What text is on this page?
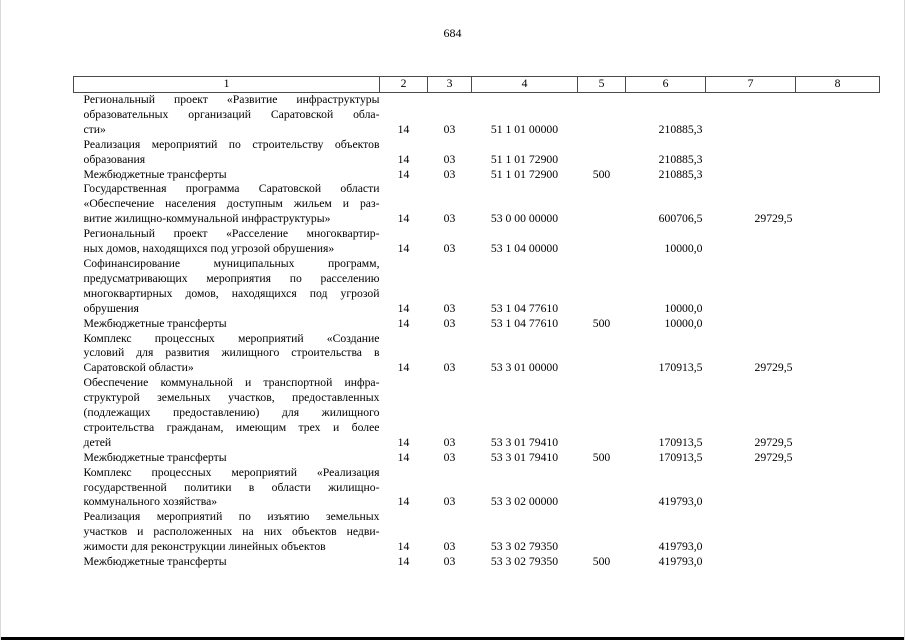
684
1	2	3	4	5	6	7	8

Региональный проект «Развитие инфраструктуры
образовательных организаций Саратовской обла-
сти»	14	03	51 1 01 00000		210885,3		

Реализация мероприятий по строительству объектов
образования	14	03	51 1 01 72900		210885,3		

Межбюджетные трансферты	14	03	51 1 01 72900	500	210885,3		

Государственная программа Саратовской области
«Обеспечение населения доступным жильем и раз-
витие жилищно-коммунальной инфраструктуры»	14	03	53 0 00 00000		600706,5	29729,5	

Региональный проект «Расселение многоквартир-
ных домов, находящихся под угрозой обрушения»	14	03	53 1 04 00000		10000,0		

Софинансирование муниципальных программ,
предусматривающих мероприятия по расселению
многоквартирных домов, находящихся под угрозой
обрушения	14	03	53 1 04 77610		10000,0		

Межбюджетные трансферты	14	03	53 1 04 77610	500	10000,0		

Комплекс процессных мероприятий «Создание
условий для развития жилищного строительства в
Саратовской области»	14	03	53 3 01 00000		170913,5	29729,5	

Обеспечение коммунальной и транспортной инфра-
структурой земельных участков, предоставленных
(подлежащих предоставлению) для жилищного
строительства гражданам, имеющим трех и более
детей	14	03	53 3 01 79410		170913,5	29729,5	

Межбюджетные трансферты	14	03	53 3 01 79410	500	170913,5	29729,5	

Комплекс процессных мероприятий «Реализация
государственной политики в области жилищно-
коммунального хозяйства»	14	03	53 3 02 00000		419793,0		

Реализация мероприятий по изъятию земельных
участков и расположенных на них объектов недви-
жимости для реконструкции линейных объектов	14	03	53 3 02 79350		419793,0		

Межбюджетные трансферты	14	03	53 3 02 79350	500	419793,0		
